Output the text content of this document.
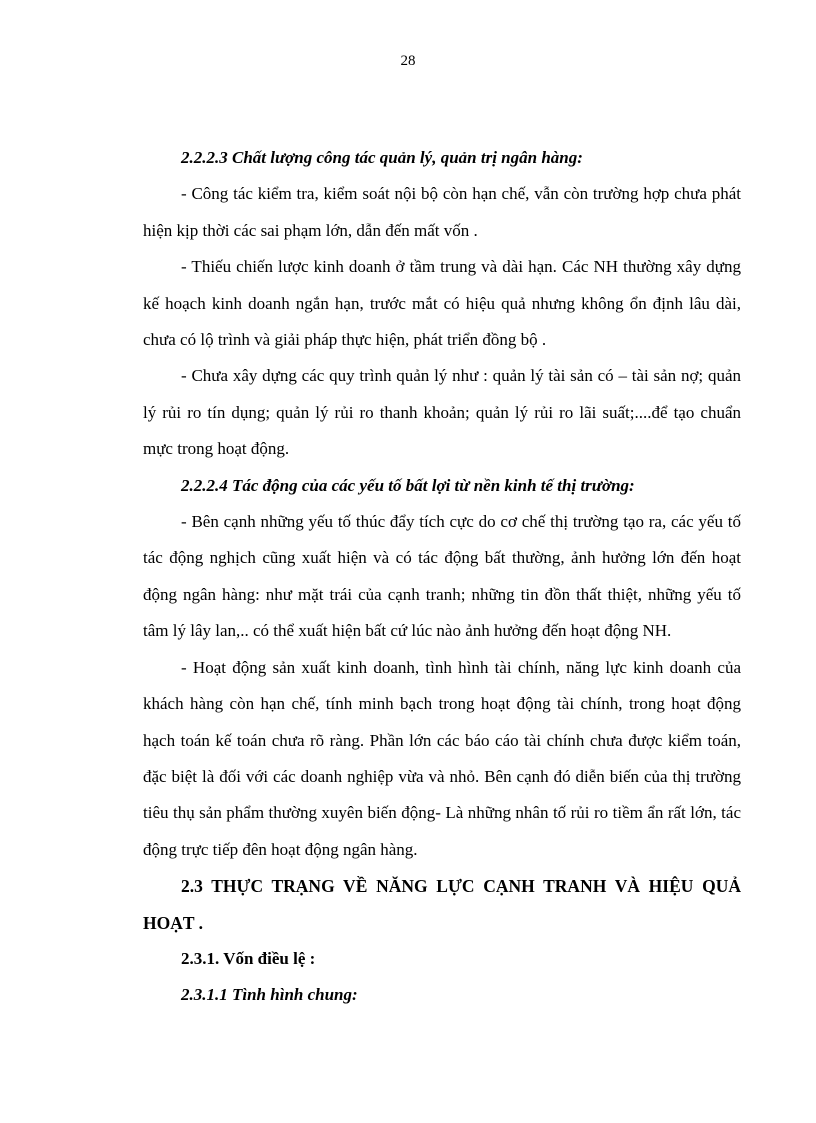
28

2.2.2.3 Chất lượng công tác quản lý, quản trị ngân hàng:

- Công tác kiểm tra, kiểm soát nội bộ còn hạn chế, vẫn còn trường hợp chưa phát hiện kịp thời các sai phạm lớn, dẫn đến mất vốn .

- Thiếu chiến lược kinh doanh ở tầm trung và dài hạn. Các NH thường xây dựng kế hoạch kinh doanh ngắn hạn, trước mắt có hiệu quả nhưng không ổn định lâu dài, chưa có lộ trình và giải pháp thực hiện, phát triển đồng bộ .

- Chưa xây dựng các quy trình quản lý như : quản lý tài sản có – tài sản nợ; quản lý rủi ro tín dụng; quản lý rủi ro thanh khoản; quản lý rủi ro lãi suất;....để tạo chuẩn mực trong hoạt động.

2.2.2.4 Tác động của các yếu tố bất lợi từ nền kinh tế thị trường:

- Bên cạnh những yếu tố thúc đẩy tích cực do cơ chế thị trường tạo ra, các yếu tố tác động nghịch cũng xuất hiện và có tác động bất thường, ảnh hưởng lớn đến hoạt động ngân hàng: như mặt trái của cạnh tranh; những tin đồn thất thiệt, những yếu tố tâm lý lây lan,.. có thể xuất hiện bất cứ lúc nào ảnh hưởng đến hoạt động NH.

- Hoạt động sản xuất kinh doanh, tình hình tài chính, năng lực kinh doanh của khách hàng còn hạn chế, tính minh bạch trong hoạt động tài chính, trong hoạt động hạch toán kế toán chưa rõ ràng. Phần lớn các báo cáo tài chính chưa được kiểm toán, đặc biệt là đối với các doanh nghiệp vừa và nhỏ. Bên cạnh đó diễn biến của thị trường tiêu thụ sản phẩm thường xuyên biến động- Là những nhân tố rủi ro tiềm ẩn rất lớn, tác động trực tiếp đên hoạt động ngân hàng.

2.3 THỰC TRẠNG VỀ NĂNG LỰC CẠNH TRANH VÀ HIỆU QUẢ HOẠT .

2.3.1. Vốn điều lệ :

2.3.1.1 Tình hình chung:
